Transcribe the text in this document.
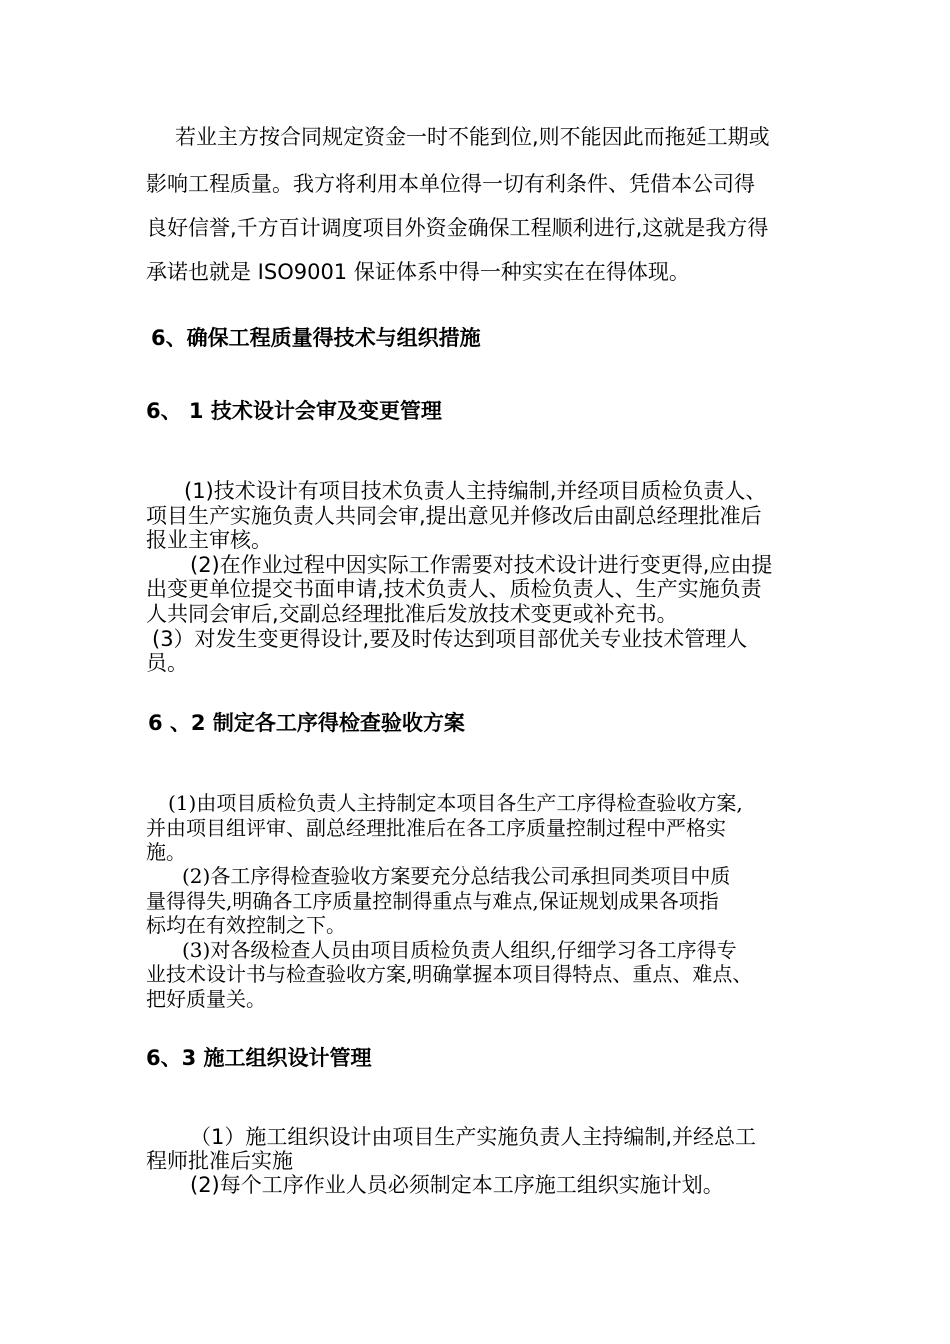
若业主方按合同规定资金一时不能到位,则不能因此而拖延工期或
影响工程质量。我方将利用本单位得一切有利条件、凭借本公司得
良好信誉,千方百计调度项目外资金确保工程顺利进行,这就是我方得
承诺也就是 ISO9001 保证体系中得一种实实在在得体现。
6、确保工程质量得技术与组织措施
6、 1 技术设计会审及变更管理
(1)技术设计有项目技术负责人主持编制,并经项目质检负责人、
项目生产实施负责人共同会审,提出意见并修改后由副总经理批准后
报业主审核。
(2)在作业过程中因实际工作需要对技术设计进行变更得,应由提
出变更单位提交书面申请,技术负责人、质检负责人、生产实施负责
人共同会审后,交副总经理批准后发放技术变更或补充书。
(3）对发生变更得设计,要及时传达到项目部优关专业技术管理人
员。
6 、2 制定各工序得检查验收方案
(1)由项目质检负责人主持制定本项目各生产工序得检查验收方案,
并由项目组评审、副总经理批准后在各工序质量控制过程中严格实
施。
(2)各工序得检查验收方案要充分总结我公司承担同类项目中质
量得得失,明确各工序质量控制得重点与难点,保证规划成果各项指
标均在有效控制之下。
(3)对各级检查人员由项目质检负责人组织,仔细学习各工序得专
业技术设计书与检查验收方案,明确掌握本项目得特点、重点、难点、
把好质量关。
6、3 施工组织设计管理
（1）施工组织设计由项目生产实施负责人主持编制,并经总工
程师批准后实施
(2)每个工序作业人员必须制定本工序施工组织实施计划。
